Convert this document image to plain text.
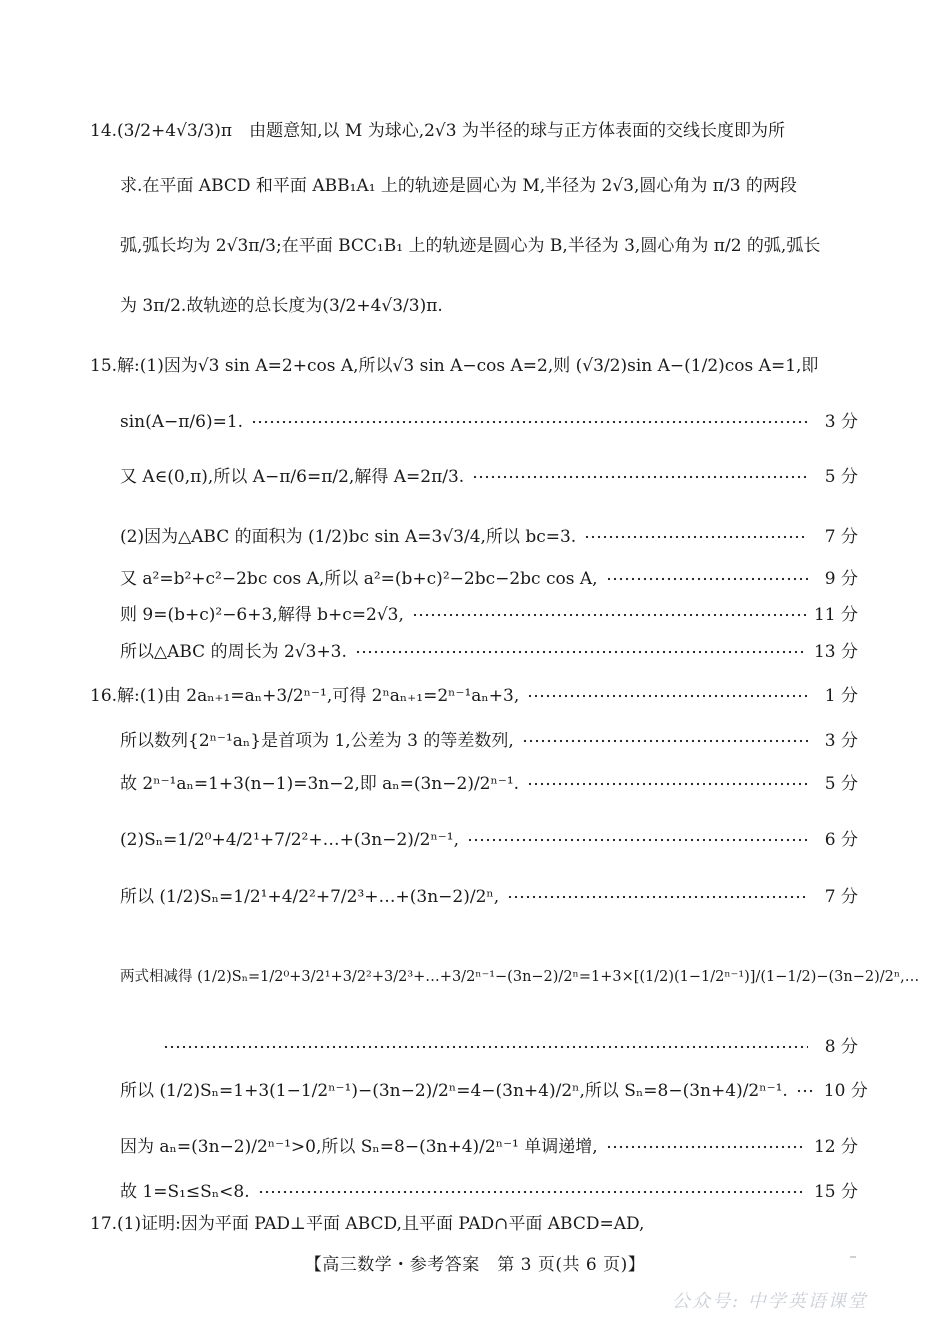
14.(3/2+4√3/3)π　由题意知,以 M 为球心,2√3 为半径的球与正方体表面的交线长度即为所
求.在平面 ABCD 和平面 ABB₁A₁ 上的轨迹是圆心为 M,半径为 2√3,圆心角为 π/3 的两段
弧,弧长均为 2√3π/3;在平面 BCC₁B₁ 上的轨迹是圆心为 B,半径为 3,圆心角为 π/2 的弧,弧长
为 3π/2.故轨迹的总长度为(3/2+4√3/3)π.
15.解:(1)因为√3 sin A=2+cos A,所以√3 sin A−cos A=2,则 (√3/2)sin A−(1/2)cos A=1,即
sin(A−π/6)=1.	3 分
又 A∈(0,π),所以 A−π/6=π/2,解得 A=2π/3.	5 分
(2)因为△ABC 的面积为 (1/2)bc sin A=3√3/4,所以 bc=3.	7 分
又 a²=b²+c²−2bc cos A,所以 a²=(b+c)²−2bc−2bc cos A,	9 分
则 9=(b+c)²−6+3,解得 b+c=2√3,	11 分
所以△ABC 的周长为 2√3+3.	13 分
16.解:(1)由 2aₙ₊₁=aₙ+3/2ⁿ⁻¹,可得 2ⁿaₙ₊₁=2ⁿ⁻¹aₙ+3,	1 分
所以数列{2ⁿ⁻¹aₙ}是首项为 1,公差为 3 的等差数列,	3 分
故 2ⁿ⁻¹aₙ=1+3(n−1)=3n−2,即 aₙ=(3n−2)/2ⁿ⁻¹.	5 分
(2)Sₙ=1/2⁰+4/2¹+7/2²+…+(3n−2)/2ⁿ⁻¹,	6 分
所以 (1/2)Sₙ=1/2¹+4/2²+7/2³+…+(3n−2)/2ⁿ,	7 分
两式相减得 (1/2)Sₙ=1/2⁰+3/2¹+3/2²+3/2³+…+3/2ⁿ⁻¹−(3n−2)/2ⁿ=1+3×[(1/2)(1−1/2ⁿ⁻¹)]/(1−1/2)−(3n−2)/2ⁿ,…
8 分
所以 (1/2)Sₙ=1+3(1−1/2ⁿ⁻¹)−(3n−2)/2ⁿ=4−(3n+4)/2ⁿ,所以 Sₙ=8−(3n+4)/2ⁿ⁻¹. 10 分
因为 aₙ=(3n−2)/2ⁿ⁻¹>0,所以 Sₙ=8−(3n+4)/2ⁿ⁻¹ 单调递增,	12 分
故 1=S₁≤Sₙ<8.	15 分
17.(1)证明:因为平面 PAD⊥平面 ABCD,且平面 PAD∩平面 ABCD=AD,
【高三数学・参考答案　第 3 页(共 6 页)】
公众号: 中学英语课堂
